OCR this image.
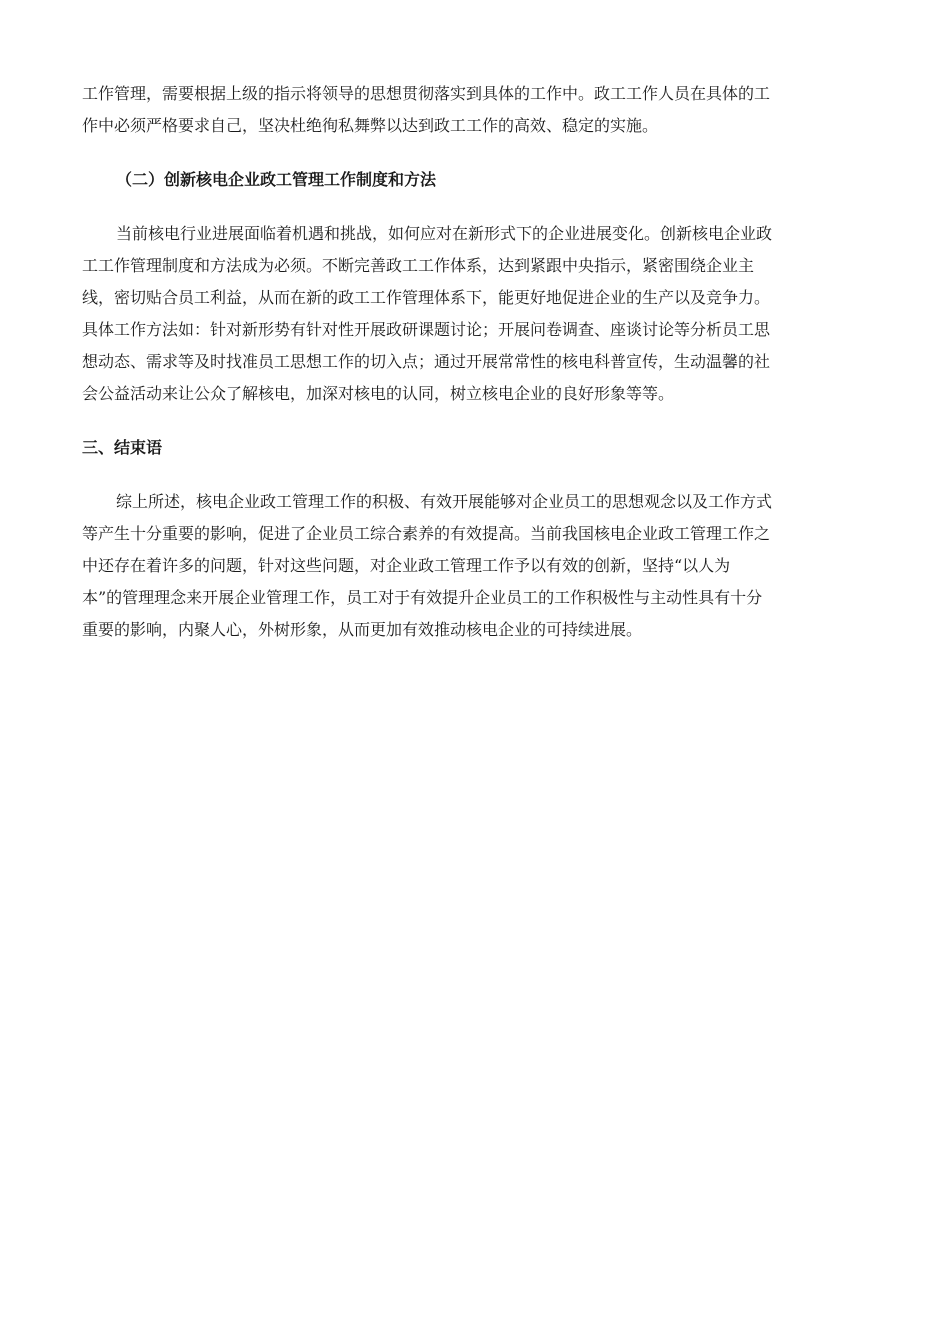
工作管理，需要根据上级的指示将领导的思想贯彻落实到具体的工作中。政工工作人员在具体的工
作中必须严格要求自己，坚决杜绝徇私舞弊以达到政工工作的高效、稳定的实施。

（二）创新核电企业政工管理工作制度和方法

当前核电行业进展面临着机遇和挑战，如何应对在新形式下的企业进展变化。创新核电企业政
工工作管理制度和方法成为必须。不断完善政工工作体系，达到紧跟中央指示，紧密围绕企业主
线，密切贴合员工利益，从而在新的政工工作管理体系下，能更好地促进企业的生产以及竞争力。
具体工作方法如：针对新形势有针对性开展政研课题讨论；开展问卷调查、座谈讨论等分析员工思
想动态、需求等及时找准员工思想工作的切入点；通过开展常常性的核电科普宣传，生动温馨的社
会公益活动来让公众了解核电，加深对核电的认同，树立核电企业的良好形象等等。

三、结束语

综上所述，核电企业政工管理工作的积极、有效开展能够对企业员工的思想观念以及工作方式
等产生十分重要的影响，促进了企业员工综合素养的有效提高。当前我国核电企业政工管理工作之
中还存在着许多的问题，针对这些问题，对企业政工管理工作予以有效的创新，坚持“以人为
本”的管理理念来开展企业管理工作，员工对于有效提升企业员工的工作积极性与主动性具有十分
重要的影响，内聚人心，外树形象，从而更加有效推动核电企业的可持续进展。
